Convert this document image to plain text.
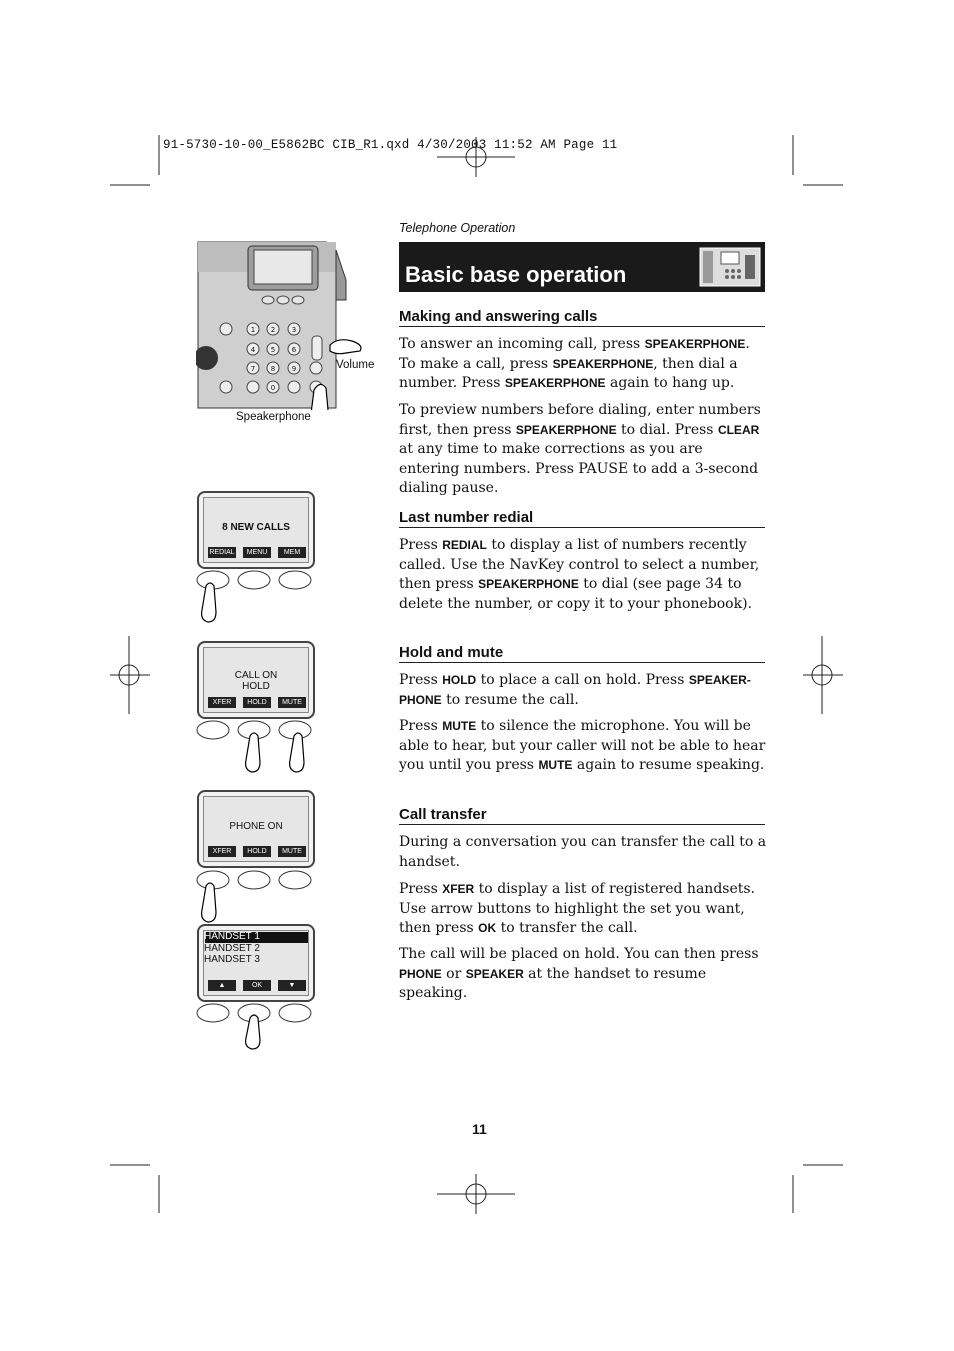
91-5730-10-00_E5862BC CIB_R1.qxd 4/30/2003 11:52 AM Page 11
Telephone Operation
Basic base operation
1 2 3
4 5 6
7 8 9
0
Volume
Speakerphone
8 NEW CALLS
REDIAL	MENU	MEM
CALL ON
HOLD
XFER	HOLD	MUTE
PHONE ON
XFER	HOLD	MUTE
HANDSET 1
HANDSET 2
HANDSET 3
▲	OK	▼
Making and answering calls

To answer an incoming call, press SPEAKERPHONE. To make a call, press SPEAKERPHONE, then dial a number. Press SPEAKERPHONE again to hang up.

To preview numbers before dialing, enter numbers first, then press SPEAKERPHONE to dial. Press CLEAR at any time to make corrections as you are entering numbers. Press PAUSE to add a 3-second dialing pause.

Last number redial

Press REDIAL to display a list of numbers recently called. Use the NavKey control to select a number, then press SPEAKERPHONE to dial (see page 34 to delete the number, or copy it to your phonebook).

Hold and mute

Press HOLD to place a call on hold. Press SPEAKER-PHONE to resume the call.

Press MUTE to silence the microphone. You will be able to hear, but your caller will not be able to hear you until you press MUTE again to resume speaking.

Call transfer

During a conversation you can transfer the call to a handset.

Press XFER to display a list of registered handsets. Use arrow buttons to highlight the set you want, then press OK to transfer the call.

The call will be placed on hold. You can then press PHONE or SPEAKER at the handset to resume speaking.

11
